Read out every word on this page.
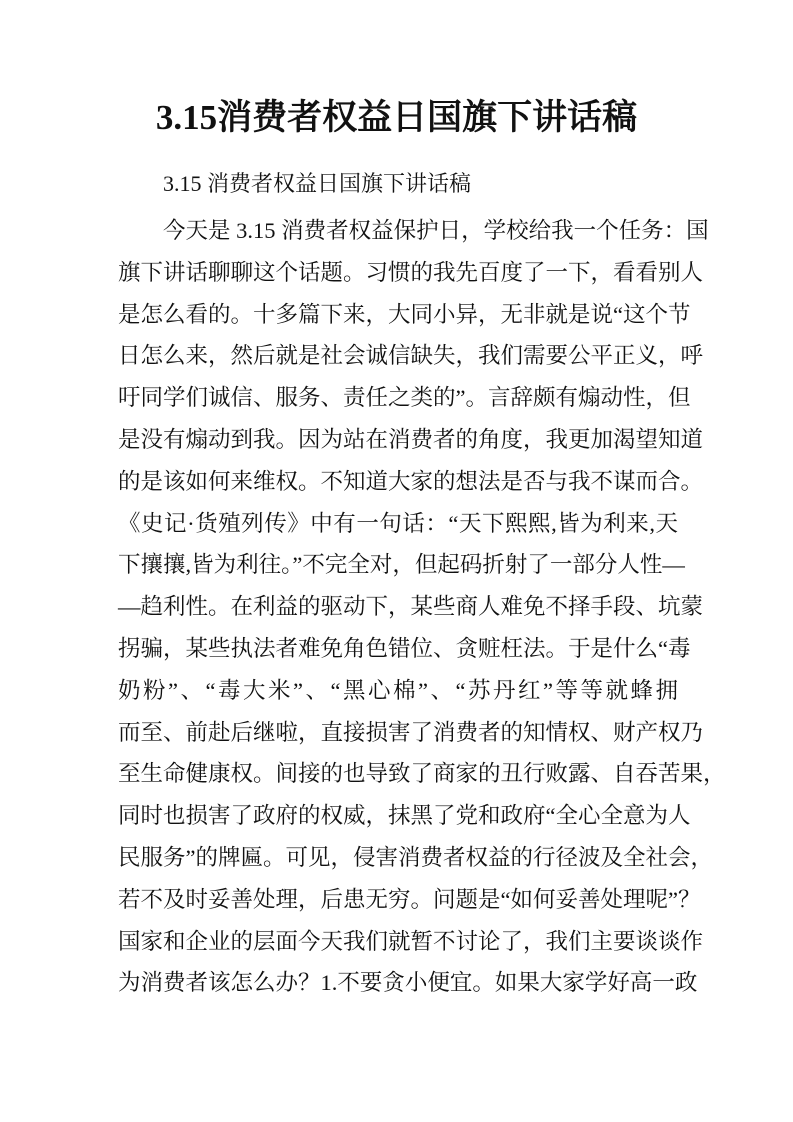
3.15消费者权益日国旗下讲话稿
3.15 消费者权益日国旗下讲话稿
今天是 3.15 消费者权益保护日，学校给我一个任务：国
旗下讲话聊聊这个话题。习惯的我先百度了一下，看看别人
是怎么看的。十多篇下来，大同小异，无非就是说“这个节
日怎么来，然后就是社会诚信缺失，我们需要公平正义，呼
吁同学们诚信、服务、责任之类的”。言辞颇有煽动性，但
是没有煽动到我。因为站在消费者的角度，我更加渴望知道
的是该如何来维权。不知道大家的想法是否与我不谋而合。
《史记·货殖列传》中有一句话：“天下熙熙,皆为利来,天
下攘攘,皆为利往。”不完全对，但起码折射了一部分人性—
—趋利性。在利益的驱动下，某些商人难免不择手段、坑蒙
拐骗，某些执法者难免角色错位、贪赃枉法。于是什么“毒
奶粉”、“毒大米”、“黑心棉”、“苏丹红”等等就蜂拥
而至、前赴后继啦，直接损害了消费者的知情权、财产权乃
至生命健康权。间接的也导致了商家的丑行败露、自吞苦果，
同时也损害了政府的权威，抹黑了党和政府“全心全意为人
民服务”的牌匾。可见，侵害消费者权益的行径波及全社会，
若不及时妥善处理，后患无穷。问题是“如何妥善处理呢”？
国家和企业的层面今天我们就暂不讨论了，我们主要谈谈作
为消费者该怎么办？1.不要贪小便宜。如果大家学好高一政
